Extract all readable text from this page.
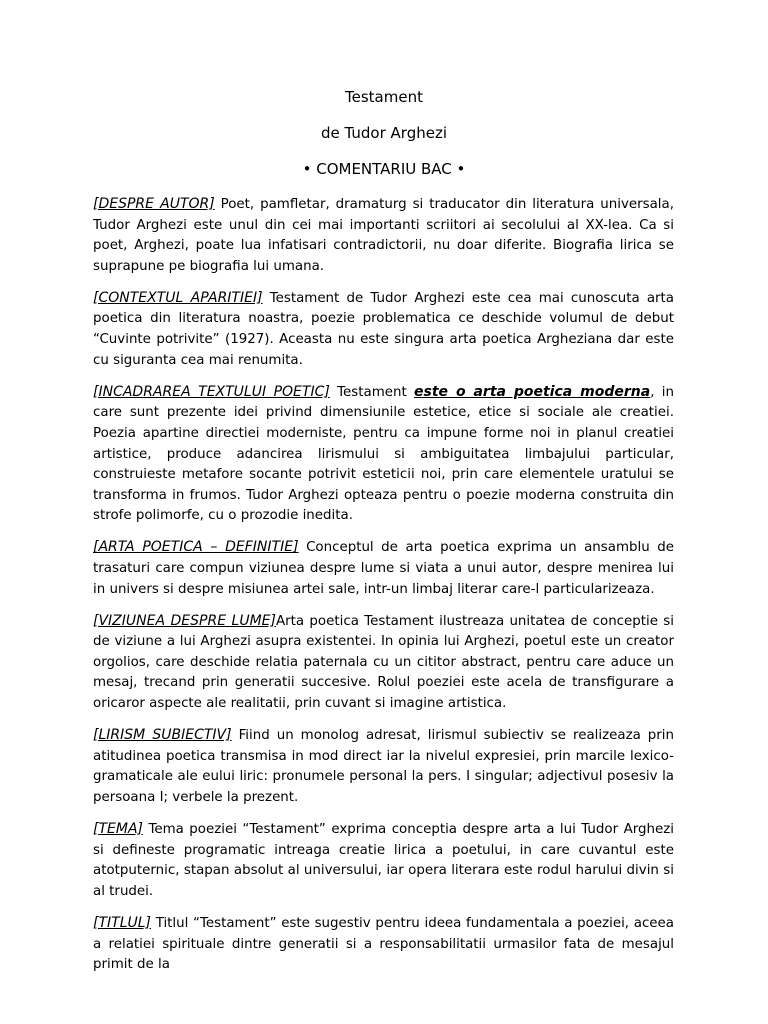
Testament
de Tudor Arghezi
• COMENTARIU BAC •

[DESPRE AUTOR] Poet, pamfletar, dramaturg si traducator din literatura universala, Tudor Arghezi este unul din cei mai importanti scriitori ai secolului al XX-lea. Ca si poet, Arghezi, poate lua infatisari contradictorii, nu doar diferite. Biografia lirica se suprapune pe biografia lui umana.

[CONTEXTUL APARITIEI] Testament de Tudor Arghezi este cea mai cunoscuta arta poetica din literatura noastra, poezie problematica ce deschide volumul de debut “Cuvinte potrivite” (1927). Aceasta nu este singura arta poetica Argheziana dar este cu siguranta cea mai renumita.

[INCADRAREA TEXTULUI POETIC] Testament este o arta poetica moderna, in care sunt prezente idei privind dimensiunile estetice, etice si sociale ale creatiei. Poezia apartine directiei moderniste, pentru ca impune forme noi in planul creatiei artistice, produce adancirea lirismului si ambiguitatea limbajului particular, construieste metafore socante potrivit esteticii noi, prin care elementele uratului se transforma in frumos. Tudor Arghezi opteaza pentru o poezie moderna construita din strofe polimorfe, cu o prozodie inedita.

[ARTA POETICA – DEFINITIE] Conceptul de arta poetica exprima un ansamblu de trasaturi care compun viziunea despre lume si viata a unui autor, despre menirea lui in univers si despre misiunea artei sale, intr-un limbaj literar care-l particularizeaza.

[VIZIUNEA DESPRE LUME]Arta poetica Testament ilustreaza unitatea de conceptie si de viziune a lui Arghezi asupra existentei. In opinia lui Arghezi, poetul este un creator orgolios, care deschide relatia paternala cu un cititor abstract, pentru care aduce un mesaj, trecand prin generatii succesive. Rolul poeziei este acela de transfigurare a oricaror aspecte ale realitatii, prin cuvant si imagine artistica.

[LIRISM SUBIECTIV] Fiind un monolog adresat, lirismul subiectiv se realizeaza prin atitudinea poetica transmisa in mod direct iar la nivelul expresiei, prin marcile lexico-gramaticale ale eului liric: pronumele personal la pers. I singular; adjectivul posesiv la persoana I; verbele la prezent.

[TEMA] Tema poeziei “Testament” exprima conceptia despre arta a lui Tudor Arghezi si defineste programatic intreaga creatie lirica a poetului, in care cuvantul este atotputernic, stapan absolut al universului, iar opera literara este rodul harului divin si al trudei.

[TITLUL] Titlul “Testament” este sugestiv pentru ideea fundamentala a poeziei, aceea a relatiei spirituale dintre generatii si a responsabilitatii urmasilor fata de mesajul primit de la
